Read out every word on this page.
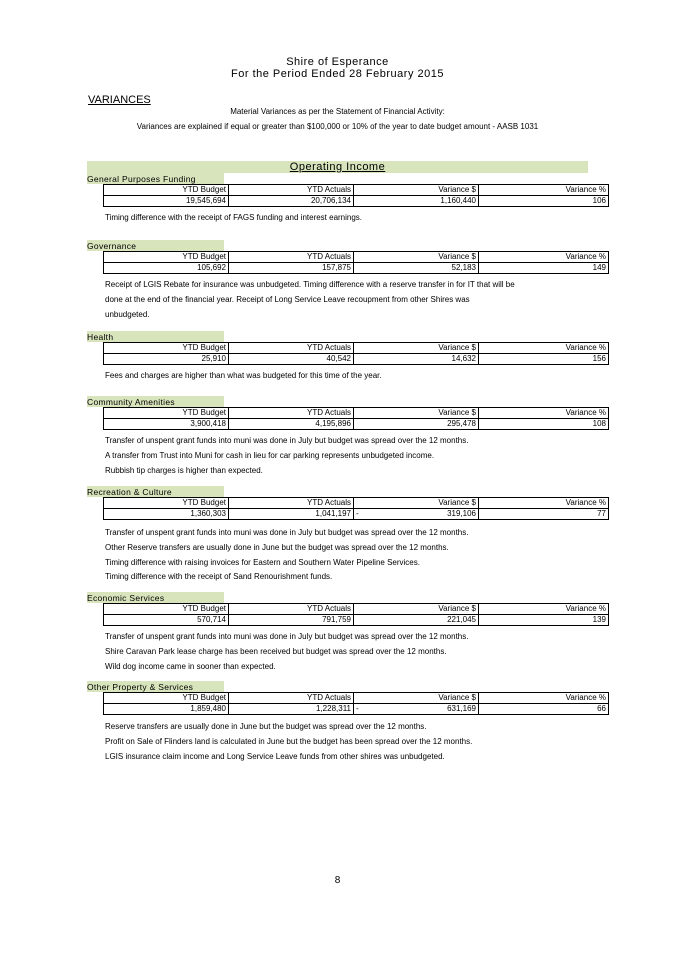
Shire of Esperance
For the Period Ended 28 February 2015
VARIANCES
Material Variances as per the Statement of Financial Activity:
Variances are explained if equal or greater than $100,000 or 10% of the year to date budget amount - AASB 1031
Operating Income
General Purposes Funding
YTD Budget	YTD Actuals	Variance $	Variance %
19,545,694	20,706,134	1,160,440	106
Timing difference with the receipt of FAGS funding and interest earnings.
Governance
YTD Budget	YTD Actuals	Variance $	Variance %
105,692	157,875	52,183	149
Receipt of LGIS Rebate for insurance was unbudgeted. Timing difference with a reserve transfer in for IT that will be
done at the end of the financial year. Receipt of Long Service Leave recoupment from other Shires was
unbudgeted.
Health
YTD Budget	YTD Actuals	Variance $	Variance %
25,910	40,542	14,632	156
Fees and charges are higher than what was budgeted for this time of the year.
Community Amenities
YTD Budget	YTD Actuals	Variance $	Variance %
3,900,418	4,195,896	295,478	108
Transfer of unspent grant funds into muni was done in July but budget was spread over the 12 months.
A transfer from Trust into Muni for cash in lieu for car parking represents unbudgeted income.
Rubbish tip charges is higher than expected.
Recreation & Culture
YTD Budget	YTD Actuals	Variance $	Variance %
1,360,303	1,041,197	- 319,106	77
Transfer of unspent grant funds into muni was done in July but budget was spread over the 12 months.
Other Reserve transfers are usually done in June but the budget was spread over the 12 months.
Timing difference with raising invoices for Eastern and Southern Water Pipeline Services.
Timing difference with the receipt of Sand Renourishment funds.
Economic Services
YTD Budget	YTD Actuals	Variance $	Variance %
570,714	791,759	221,045	139
Transfer of unspent grant funds into muni was done in July but budget was spread over the 12 months.
Shire Caravan Park lease charge has been received but budget was spread over the 12 months.
Wild dog income came in sooner than expected.
Other Property & Services
YTD Budget	YTD Actuals	Variance $	Variance %
1,859,480	1,228,311	- 631,169	66
Reserve transfers are usually done in June but the budget was spread over the 12 months.
Profit on Sale of Flinders land is calculated in June but the budget has been spread over the 12 months.
LGIS insurance claim income and Long Service Leave funds from other shires was unbudgeted.
8
